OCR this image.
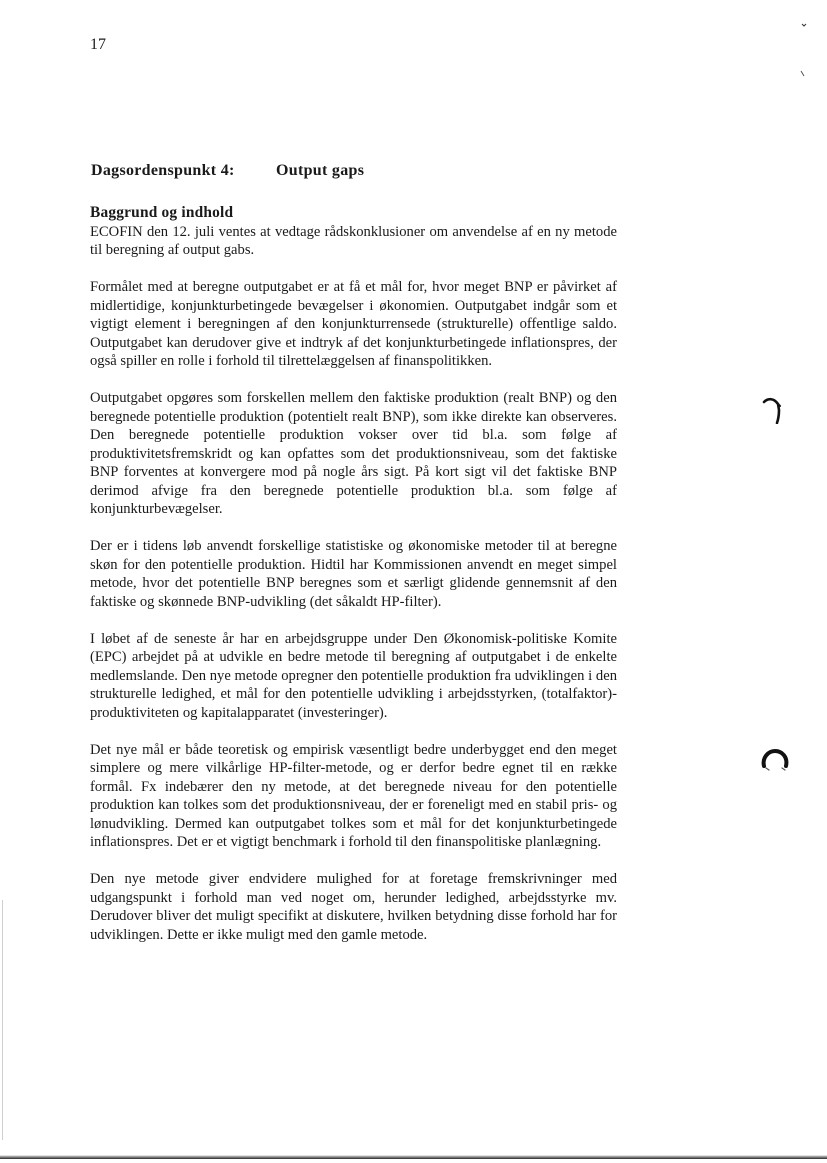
17
Dagsordenspunkt 4:	Output gaps
Baggrund og indhold

ECOFIN den 12. juli ventes at vedtage rådskonklusioner om anvendelse af en ny metode til beregning af output gabs.

Formålet med at beregne outputgabet er at få et mål for, hvor meget BNP er påvirket af midlertidige, konjunkturbetingede bevægelser i økonomien. Outputgabet indgår som et vigtigt element i beregningen af den konjunkturrensede (strukturelle) offentlige saldo. Outputgabet kan derudover give et indtryk af det konjunkturbetingede inflationspres, der også spiller en rolle i forhold til tilrettelæggelsen af finanspolitikken.

Outputgabet opgøres som forskellen mellem den faktiske produktion (realt BNP) og den beregnede potentielle produktion (potentielt realt BNP), som ikke direkte kan observeres. Den beregnede potentielle produktion vokser over tid bl.a. som følge af produktivitetsfremskridt og kan opfattes som det produktionsniveau, som det faktiske BNP forventes at konvergere mod på nogle års sigt. På kort sigt vil det faktiske BNP derimod afvige fra den beregnede potentielle produktion bl.a. som følge af konjunkturbevægelser.

Der er i tidens løb anvendt forskellige statistiske og økonomiske metoder til at beregne skøn for den potentielle produktion. Hidtil har Kommissionen anvendt en meget simpel metode, hvor det potentielle BNP beregnes som et særligt glidende gennemsnit af den faktiske og skønnede BNP-udvikling (det såkaldt HP-filter).

I løbet af de seneste år har en arbejdsgruppe under Den Økonomisk-politiske Komite (EPC) arbejdet på at udvikle en bedre metode til beregning af outputgabet i de enkelte medlemslande. Den nye metode opregner den potentielle produktion fra udviklingen i den strukturelle ledighed, et mål for den potentielle udvikling i arbejdsstyrken, (totalfaktor)-produktiviteten og kapitalapparatet (investeringer).

Det nye mål er både teoretisk og empirisk væsentligt bedre underbygget end den meget simplere og mere vilkårlige HP-filter-metode, og er derfor bedre egnet til en række formål. Fx indebærer den ny metode, at det beregnede niveau for den potentielle produktion kan tolkes som det produktionsniveau, der er foreneligt med en stabil pris- og lønudvikling. Dermed kan outputgabet tolkes som et mål for det konjunkturbetingede inflationspres. Det er et vigtigt benchmark i forhold til den finanspolitiske planlægning.

Den nye metode giver endvidere mulighed for at foretage fremskrivninger med udgangspunkt i forhold man ved noget om, herunder ledighed, arbejdsstyrke mv. Derudover bliver det muligt specifikt at diskutere, hvilken betydning disse forhold har for udviklingen. Dette er ikke muligt med den gamle metode.
